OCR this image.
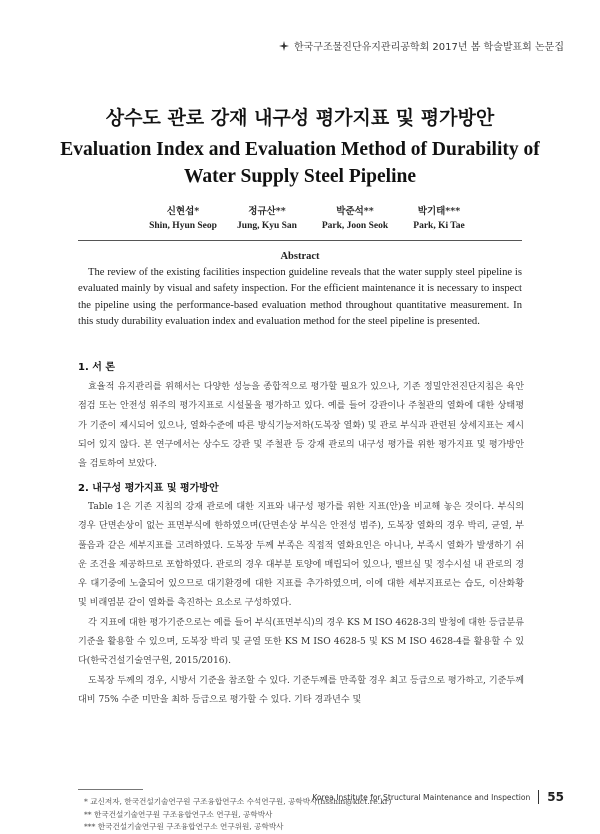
한국구조물진단유지관리공학회 2017년 봄 학술발표회 논문집
상수도 관로 강재 내구성 평가지표 및 평가방안
Evaluation Index and Evaluation Method of Durability of Water Supply Steel Pipeline
신현섭*
Shin, Hyun Seop
정규산**
Jung, Kyu San
박준석**
Park, Joon Seok
박기태***
Park, Ki Tae
Abstract
The review of the existing facilities inspection guideline reveals that the water supply steel pipeline is evaluated mainly by visual and safety inspection. For the efficient maintenance it is necessary to inspect the pipeline using the performance-based evaluation method throughout quantitative measurement. In this study durability evaluation index and evaluation method for the steel pipeline is presented.
1. 서 론

효율적 유지관리를 위해서는 다양한 성능을 종합적으로 평가할 필요가 있으나, 기존 정밀안전진단지침은 육안점검 또는 안전성 위주의 평가지표로 시설물을 평가하고 있다. 예를 들어 강관이나 주철관의 열화에 대한 상태평가 기준이 제시되어 있으나, 열화수준에 따른 방식기능저하(도복장 열화) 및 관로 부식과 관련된 상세지표는 제시되어 있지 않다. 본 연구에서는 상수도 강관 및 주철관 등 강재 관로의 내구성 평가를 위한 평가지표 및 평가방안을 검토하여 보았다.

2. 내구성 평가지표 및 평가방안

Table 1은 기존 지침의 강재 관로에 대한 지표와 내구성 평가를 위한 지표(안)을 비교해 놓은 것이다. 부식의 경우 단면손상이 없는 표면부식에 한하였으며(단면손상 부식은 안전성 범주), 도복장 열화의 경우 박리, 균열, 부풀음과 같은 세부지표를 고려하였다. 도복장 두께 부족은 직접적 열화요인은 아니나, 부족시 열화가 발생하기 쉬운 조건을 제공하므로 포함하였다. 관로의 경우 대부분 토양에 매립되어 있으나, 밸브실 및 정수시설 내 관로의 경우 대기중에 노출되어 있으므로 대기환경에 대한 지표를 추가하였으며, 이에 대한 세부지표로는 습도, 이산화황 및 비래염분 같이 열화를 촉진하는 요소로 구성하였다.

각 지표에 대한 평가기준으로는 예를 들어 부식(표면부식)의 경우 KS M ISO 4628-3의 발청에 대한 등급분류기준을 활용할 수 있으며, 도복장 박리 및 균열 또한 KS M ISO 4628-5 및 KS M ISO 4628-4를 활용할 수 있다(한국건설기술연구원, 2015/2016).

도복장 두께의 경우, 시방서 기준을 참조할 수 있다. 기준두께를 만족할 경우 최고 등급으로 평가하고, 기준두께 대비 75% 수준 미만을 최하 등급으로 평가할 수 있다. 기타 경과년수 및

* 교신저자, 한국건설기술연구원 구조융합연구소 수석연구원, 공학박사(hsshin@kict.re.kr)
** 한국건설기술연구원 구조융합연구소 연구원, 공학박사
*** 한국건설기술연구원 구조융합연구소 연구위원, 공학박사
Korea Institute for Structural Maintenance and Inspection 55
